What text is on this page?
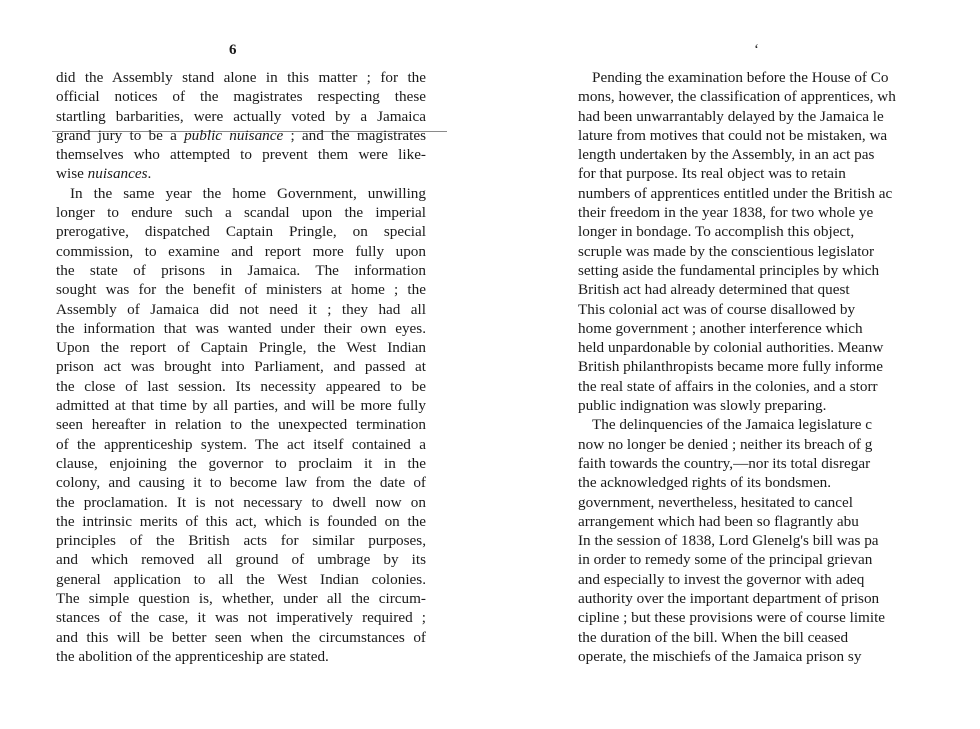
6
did the Assembly stand alone in this matter ; for the
official notices of the magistrates respecting these
startling barbarities, were actually voted by a Jamaica
grand jury to be a public nuisance ; and the magistrates
themselves who attempted to prevent them were like-
wise nuisances.
In the same year the home Government, unwilling
longer to endure such a scandal upon the imperial
prerogative, dispatched Captain Pringle, on special
commission, to examine and report more fully upon
the state of prisons in Jamaica. The information
sought was for the benefit of ministers at home ; the
Assembly of Jamaica did not need it ; they had all
the information that was wanted under their own eyes.
Upon the report of Captain Pringle, the West Indian
prison act was brought into Parliament, and passed at
the close of last session. Its necessity appeared to be
admitted at that time by all parties, and will be more fully
seen hereafter in relation to the unexpected termination
of the apprenticeship system. The act itself contained a
clause, enjoining the governor to proclaim it in the
colony, and causing it to become law from the date of
the proclamation. It is not necessary to dwell now on
the intrinsic merits of this act, which is founded on the
principles of the British acts for similar purposes,
and which removed all ground of umbrage by its
general application to all the West Indian colonies.
The simple question is, whether, under all the circum-
stances of the case, it was not imperatively required ;
and this will be better seen when the circumstances of
the abolition of the apprenticeship are stated.
ʻ
Pending the examination before the House of Co
mons, however, the classification of apprentices, wh
had been unwarrantably delayed by the Jamaica le
lature from motives that could not be mistaken, wa
length undertaken by the Assembly, in an act pas
for that purpose. Its real object was to retain
numbers of apprentices entitled under the British ac
their freedom in the year 1838, for two whole ye
longer in bondage. To accomplish this object,
scruple was made by the conscientious legislator
setting aside the fundamental principles by which
British act had already determined that quest
This colonial act was of course disallowed by
home government ; another interference which
held unpardonable by colonial authorities. Meanw
British philanthropists became more fully informe
the real state of affairs in the colonies, and a storr
public indignation was slowly preparing.
The delinquencies of the Jamaica legislature c
now no longer be denied ; neither its breach of g
faith towards the country,—nor its total disregar
the acknowledged rights of its bondsmen.
government, nevertheless, hesitated to cancel
arrangement which had been so flagrantly abu
In the session of 1838, Lord Glenelg's bill was pa
in order to remedy some of the principal grievan
and especially to invest the governor with adeq
authority over the important department of prison
cipline ; but these provisions were of course limite
the duration of the bill. When the bill ceased
operate, the mischiefs of the Jamaica prison sy
